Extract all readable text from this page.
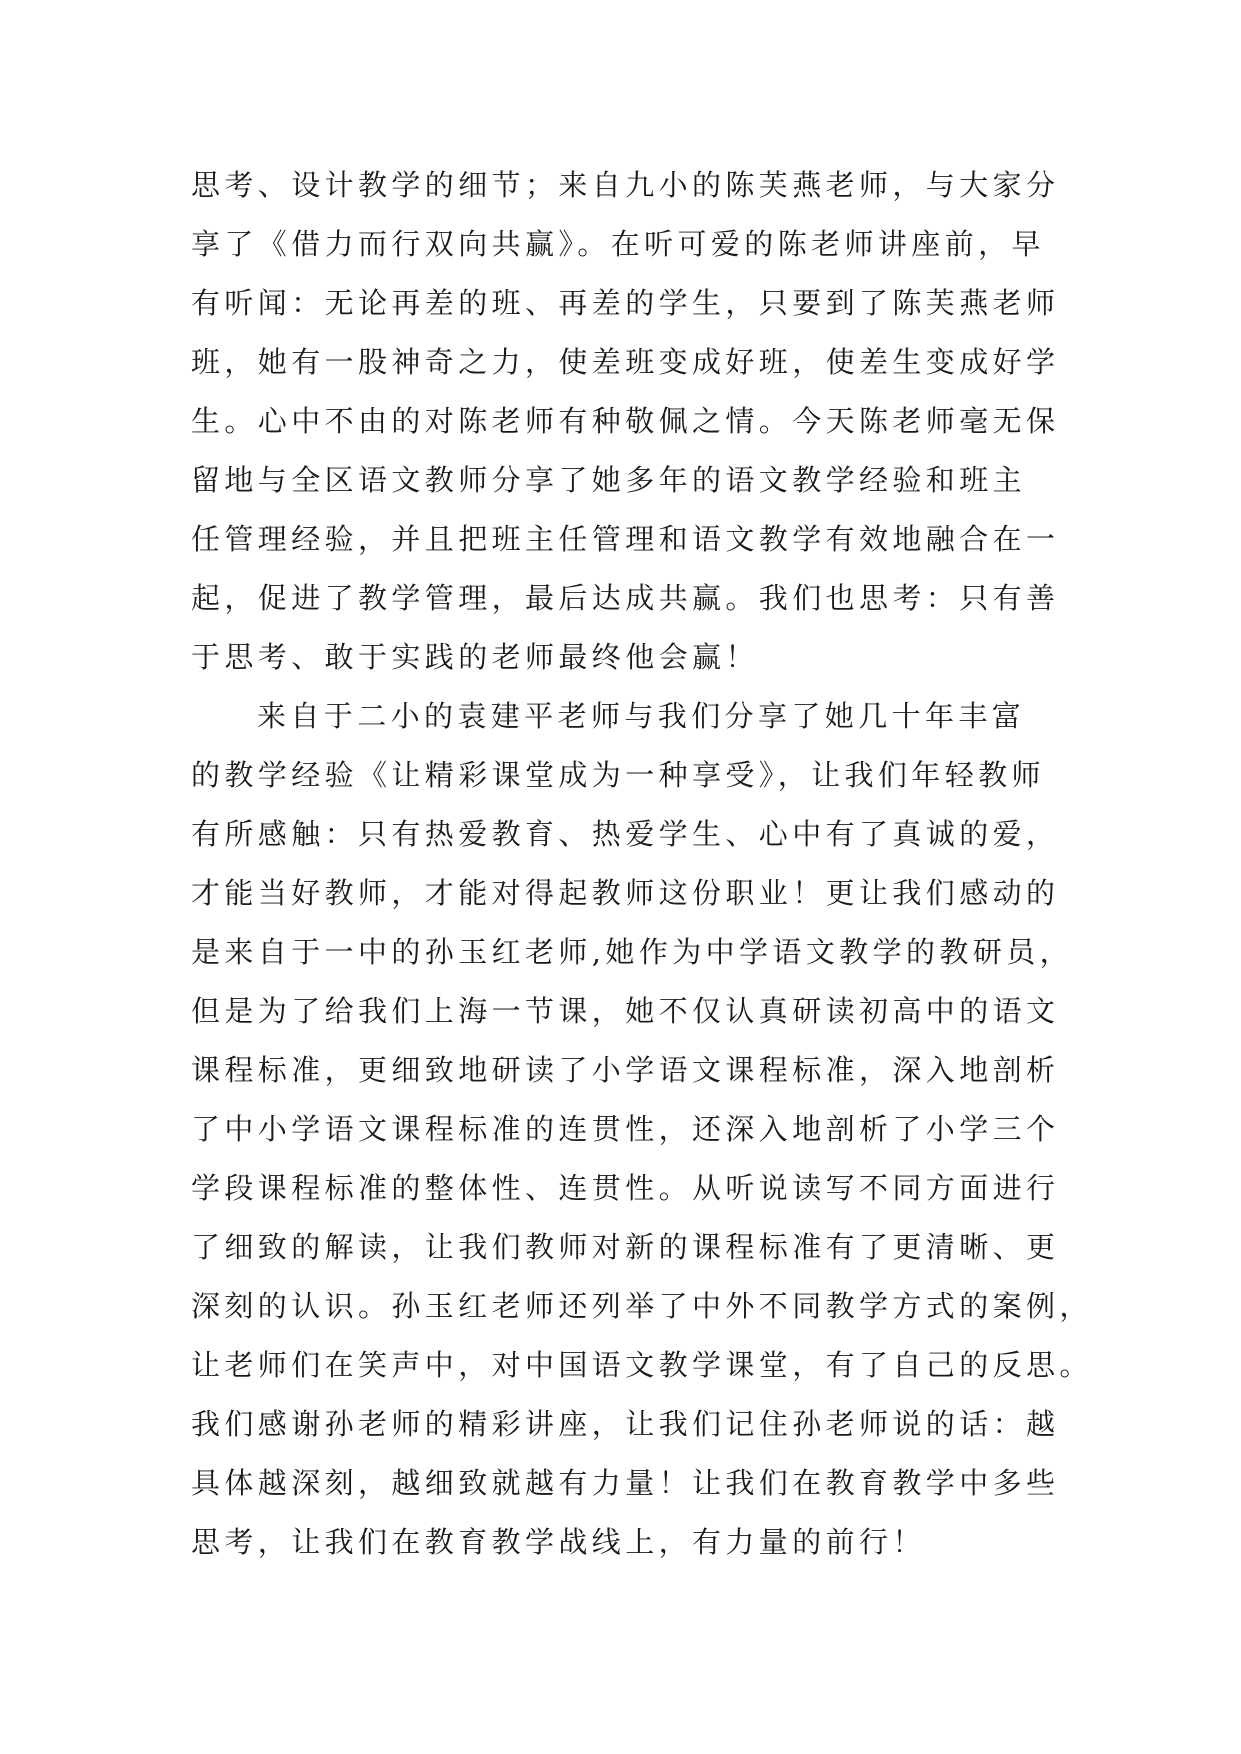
思考、设计教学的细节；来自九小的陈芙燕老师，与大家分
享了《借力而行双向共赢》。在听可爱的陈老师讲座前，早
有听闻：无论再差的班、再差的学生，只要到了陈芙燕老师
班，她有一股神奇之力，使差班变成好班，使差生变成好学
生。心中不由的对陈老师有种敬佩之情。今天陈老师毫无保
留地与全区语文教师分享了她多年的语文教学经验和班主
任管理经验，并且把班主任管理和语文教学有效地融合在一
起，促进了教学管理，最后达成共赢。我们也思考：只有善
于思考、敢于实践的老师最终他会赢！
来自于二小的袁建平老师与我们分享了她几十年丰富
的教学经验《让精彩课堂成为一种享受》，让我们年轻教师
有所感触：只有热爱教育、热爱学生、心中有了真诚的爱，
才能当好教师，才能对得起教师这份职业！更让我们感动的
是来自于一中的孙玉红老师,她作为中学语文教学的教研员，
但是为了给我们上海一节课，她不仅认真研读初高中的语文
课程标准，更细致地研读了小学语文课程标准，深入地剖析
了中小学语文课程标准的连贯性，还深入地剖析了小学三个
学段课程标准的整体性、连贯性。从听说读写不同方面进行
了细致的解读，让我们教师对新的课程标准有了更清晰、更
深刻的认识。孙玉红老师还列举了中外不同教学方式的案例，
让老师们在笑声中，对中国语文教学课堂，有了自己的反思。
我们感谢孙老师的精彩讲座，让我们记住孙老师说的话：越
具体越深刻，越细致就越有力量！让我们在教育教学中多些
思考，让我们在教育教学战线上，有力量的前行！
